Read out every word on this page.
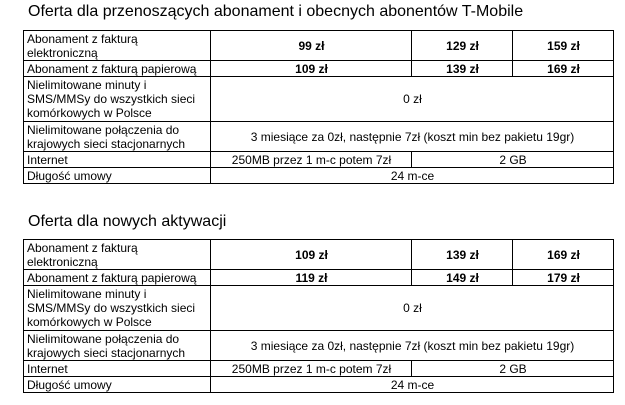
Oferta dla przenoszących abonament i obecnych abonentów T-Mobile
Abonament z fakturą elektroniczną	99 zł	129 zł	159 zł
Abonament z fakturą papierową	109 zł	139 zł	169 zł
Nielimitowane minuty i SMS/MMSy do wszystkich sieci komórkowych w Polsce	0 zł		
Nielimitowane połączenia do krajowych sieci stacjonarnych	3 miesiące za 0zł, następnie 7zł (koszt min bez pakietu 19gr)		
Internet	250MB przez 1 m-c potem 7zł	2 GB	
Długość umowy	24 m-ce		
Oferta dla nowych aktywacji
Abonament z fakturą elektroniczną	109 zł	139 zł	169 zł
Abonament z fakturą papierową	119 zł	149 zł	179 zł
Nielimitowane minuty i SMS/MMSy do wszystkich sieci komórkowych w Polsce	0 zł		
Nielimitowane połączenia do krajowych sieci stacjonarnych	3 miesiące za 0zł, następnie 7zł (koszt min bez pakietu 19gr)		
Internet	250MB przez 1 m-c potem 7zł	2 GB	
Długość umowy	24 m-ce		
